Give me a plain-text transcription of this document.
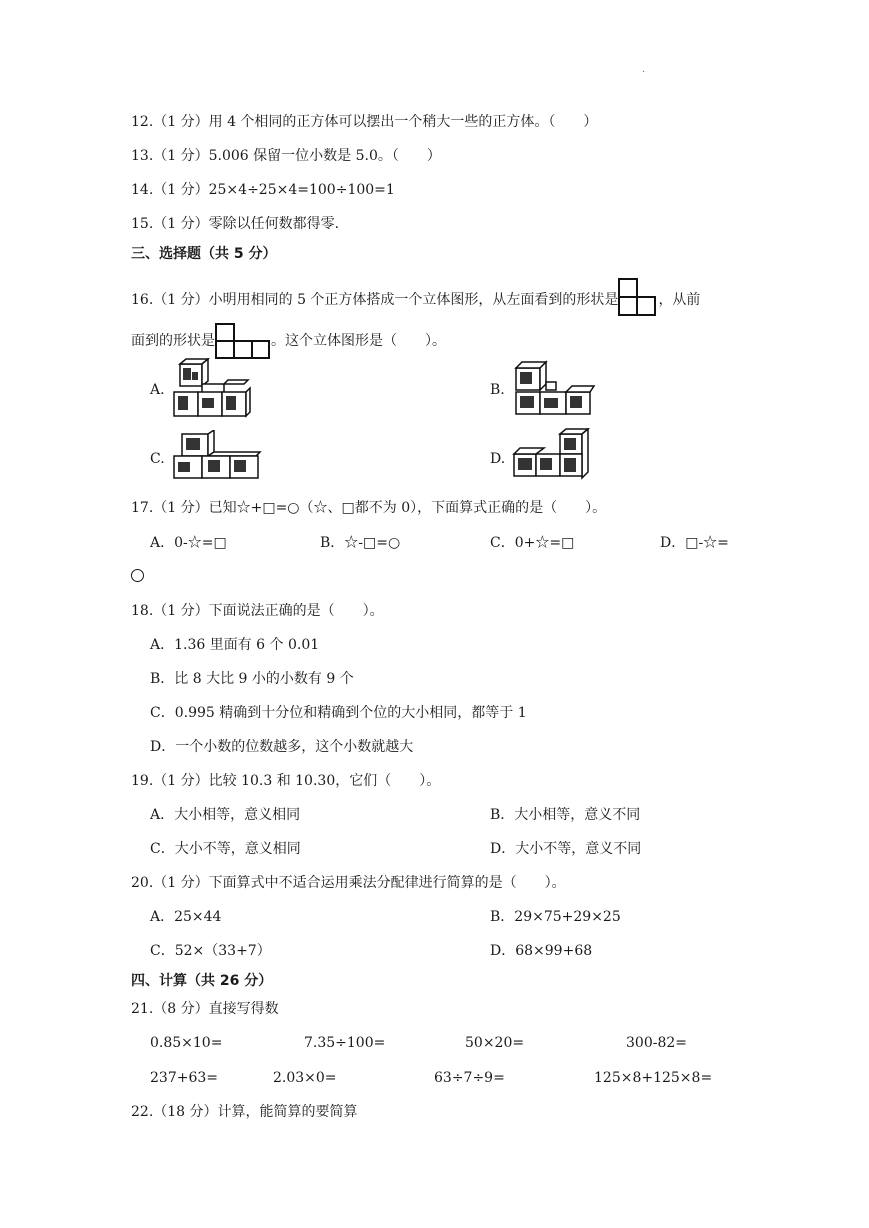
.
12.（1 分）用 4 个相同的正方体可以摆出一个稍大一些的正方体。（　　）
13.（1 分）5.006 保留一位小数是 5.0。（　　）
14.（1 分）25×4÷25×4=100÷100=1
15.（1 分）零除以任何数都得零.
三、选择题（共 5 分）
16.（1 分）小明用相同的 5 个正方体搭成一个立体图形，从左面看到的形状是	，从前
面到的形状是	。这个立体图形是（　　）。
A.	B.
C.	D.
17.（1 分）已知☆+□=○（☆、□都不为 0），下面算式正确的是（　　）。
A．0-☆=□	B．☆-□=○	C．0+☆=□	D．□-☆=
18.（1 分）下面说法正确的是（　　）。
A．1.36 里面有 6 个 0.01
B．比 8 大比 9 小的小数有 9 个
C．0.995 精确到十分位和精确到个位的大小相同，都等于 1
D．一个小数的位数越多，这个小数就越大
19.（1 分）比较 10.3 和 10.30，它们（　　）。
A．大小相等，意义相同	B．大小相等，意义不同
C．大小不等，意义相同	D．大小不等，意义不同
20.（1 分）下面算式中不适合运用乘法分配律进行简算的是（　　）。
A．25×44	B．29×75+29×25
C．52×（33+7）	D．68×99+68
四、计算（共 26 分）
21.（8 分）直接写得数
0.85×10=	7.35÷100=	50×20=	300-82=
237+63=	2.03×0=	63÷7÷9=	125×8+125×8=
22.（18 分）计算，能简算的要简算
